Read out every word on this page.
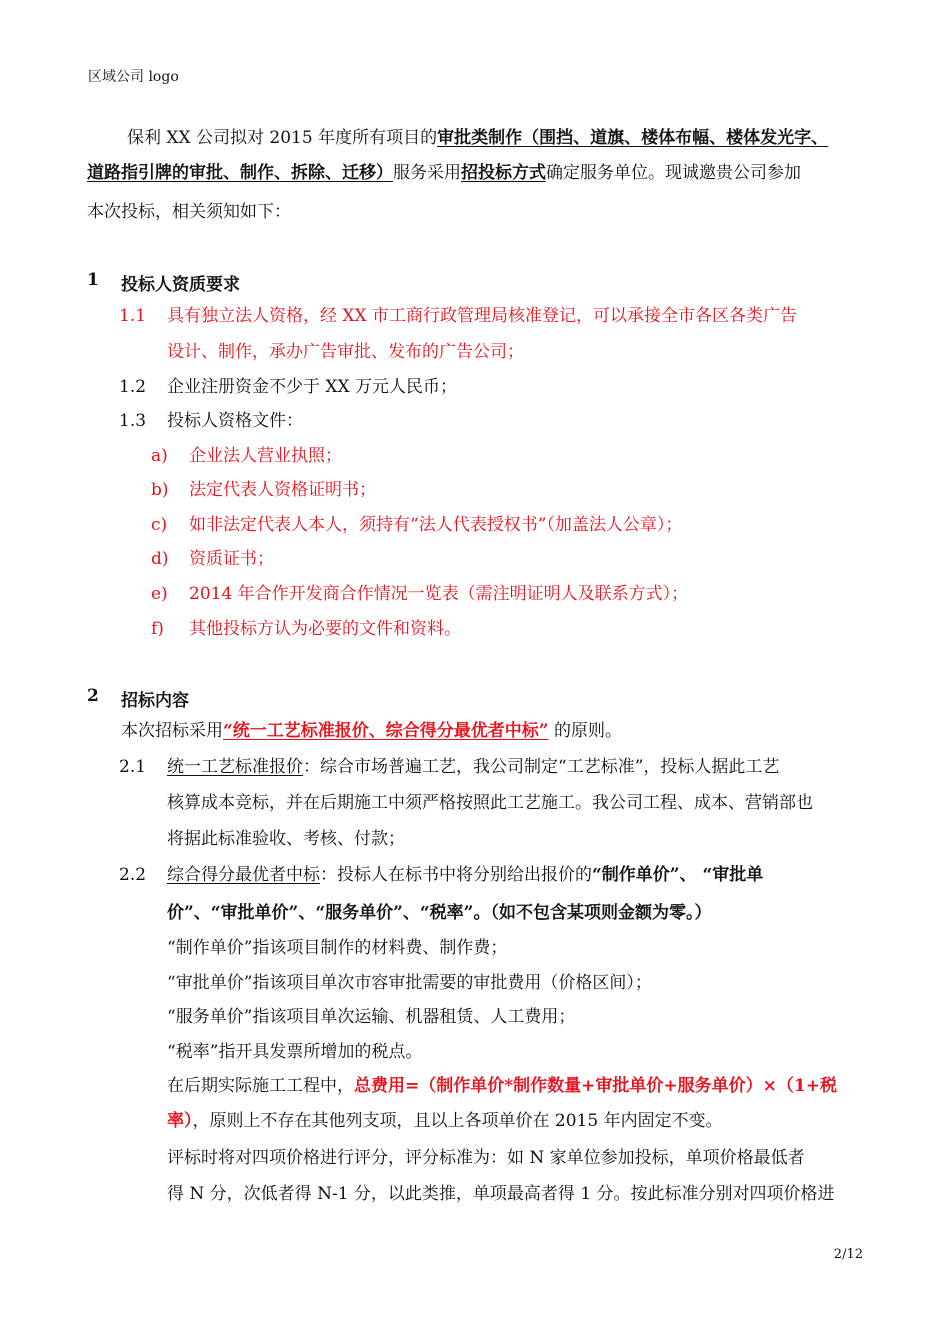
区域公司 logo
保利 XX 公司拟对 2015 年度所有项目的审批类制作（围挡、道旗、楼体布幅、楼体发光字、
道路指引牌的审批、制作、拆除、迁移）服务采用招投标方式确定服务单位。现诚邀贵公司参加
本次投标，相关须知如下：
1 投标人资质要求
1.1 具有独立法人资格，经 XX 市工商行政管理局核准登记，可以承接全市各区各类广告
设计、制作，承办广告审批、发布的广告公司；
1.2 企业注册资金不少于 XX 万元人民币；
1.3 投标人资格文件：
a) 企业法人营业执照；
b) 法定代表人资格证明书；
c) 如非法定代表人本人，须持有“法人代表授权书”（加盖法人公章）；
d) 资质证书；
e) 2014 年合作开发商合作情况一览表（需注明证明人及联系方式）；
f) 其他投标方认为必要的文件和资料。
2 招标内容
本次招标采用“统一工艺标准报价、综合得分最优者中标” 的原则。
2.1 统一工艺标准报价：综合市场普遍工艺，我公司制定“工艺标准”，投标人据此工艺
核算成本竞标，并在后期施工中须严格按照此工艺施工。我公司工程、成本、营销部也
将据此标准验收、考核、付款；
2.2 综合得分最优者中标：投标人在标书中将分别给出报价的“制作单价”、 “审批单
价”、“审批单价”、“服务单价”、“税率”。（如不包含某项则金额为零。）
“制作单价”指该项目制作的材料费、制作费；
“审批单价”指该项目单次市容审批需要的审批费用（价格区间）；
“服务单价”指该项目单次运输、机器租赁、人工费用；
“税率”指开具发票所增加的税点。
在后期实际施工工程中，总费用=（制作单价*制作数量+审批单价+服务单价）×（1+税
率），原则上不存在其他列支项，且以上各项单价在 2015 年内固定不变。
评标时将对四项价格进行评分，评分标准为：如 N 家单位参加投标，单项价格最低者
得 N 分，次低者得 N-1 分，以此类推，单项最高者得 1 分。按此标准分别对四项价格进
2/12
